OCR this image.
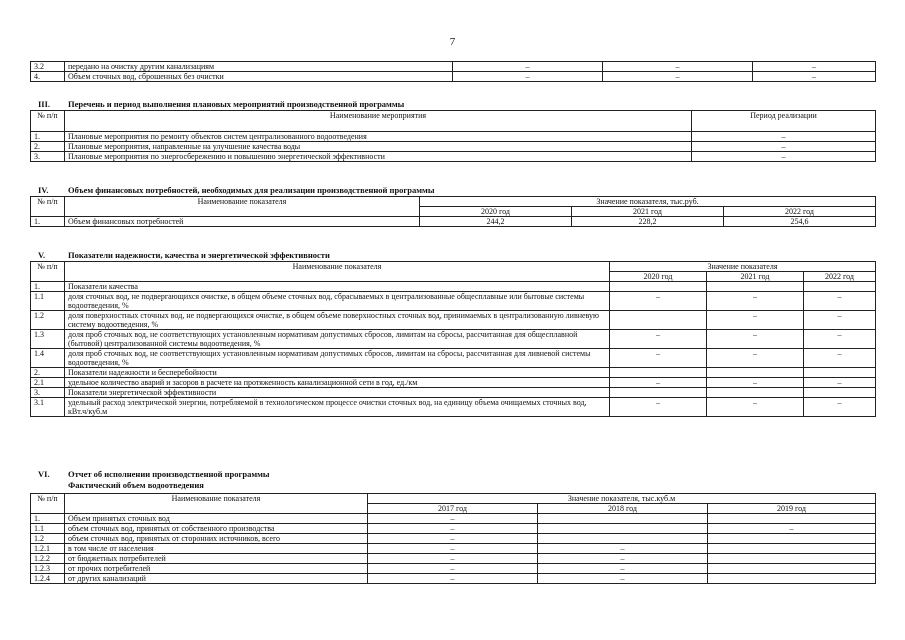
7
3.2	передано на очистку другим канализациям	–	–	–
4.	Объем сточных вод, сброшенных без очистки	–	–	–
III. Перечень и период выполнения плановых мероприятий производственной программы
№ п/п	Наименование мероприятия	Период реализации
1.	Плановые мероприятия по ремонту объектов систем централизованного водоотведения	–
2.	Плановые мероприятия, направленные на улучшение качества воды	–
3.	Плановые мероприятия по энергосбережению и повышению энергетической эффективности	–
IV. Объем финансовых потребностей, необходимых для реализации производственной программы
№ п/п	Наименование показателя	Значение показателя, тыс.руб.		
		2020 год	2021 год	2022 год
1.	Объем финансовых потребностей	244,2	228,2	254,6
V.	Показатели надежности, качества и энергетической эффективности
№ п/п	Наименование показателя	Значение показателя		
		2020 год	2021 год	2022 год
1.	Показатели качества			
1.1	доля сточных вод, не подвергающихся очистке, в общем объеме сточных вод, сбрасываемых в централизованные общесплавные или бытовые системы водоотведения, %	–	–	–
1.2	доля поверхностных сточных вод, не подвергающихся очистке, в общем объеме поверхностных сточных вод, принимаемых в централизованную ливневую систему водоотведения, %		–	–
1.3	доля проб сточных вод, не соответствующих установленным нормативам допустимых сбросов, лимитам на сбросы, рассчитанная для общесплавной (бытовой) централизованной системы водоотведения, %	–	–	–
1.4	доля проб сточных вод, не соответствующих установленным нормативам допустимых сбросов, лимитам на сбросы, рассчитанная для ливневой системы водоотведения, %	–	–	–
2.	Показатели надежности и бесперебойности			
2.1	удельное количество аварий и засоров в расчете на протяженность канализационной сети в год, ед./км	–	–	–
3.	Показатели энергетической эффективности			
3.1	удельный расход электрической энергии, потребляемой в технологическом процессе очистки сточных вод, на единицу объема очищаемых сточных вод, кВт.ч/куб.м	–	–	–
VI. Отчет об исполнении производственной программы
Фактический объем водоотведения
№ п/п	Наименование показателя	Значение показателя, тыс.куб.м		
		2017 год	2018 год	2019 год
1.	Объем принятых сточных вод	–		
1.1	объем сточных вод, принятых от собственного производства	–		–
1.2	объем сточных вод, принятых от сторонних источников, всего	–		
1.2.1	в том числе от населения	–	–	
1.2.2	от бюджетных потребителей	–	–	
1.2.3	от прочих потребителей	–	–	
1.2.4	от других канализаций	–	–	
